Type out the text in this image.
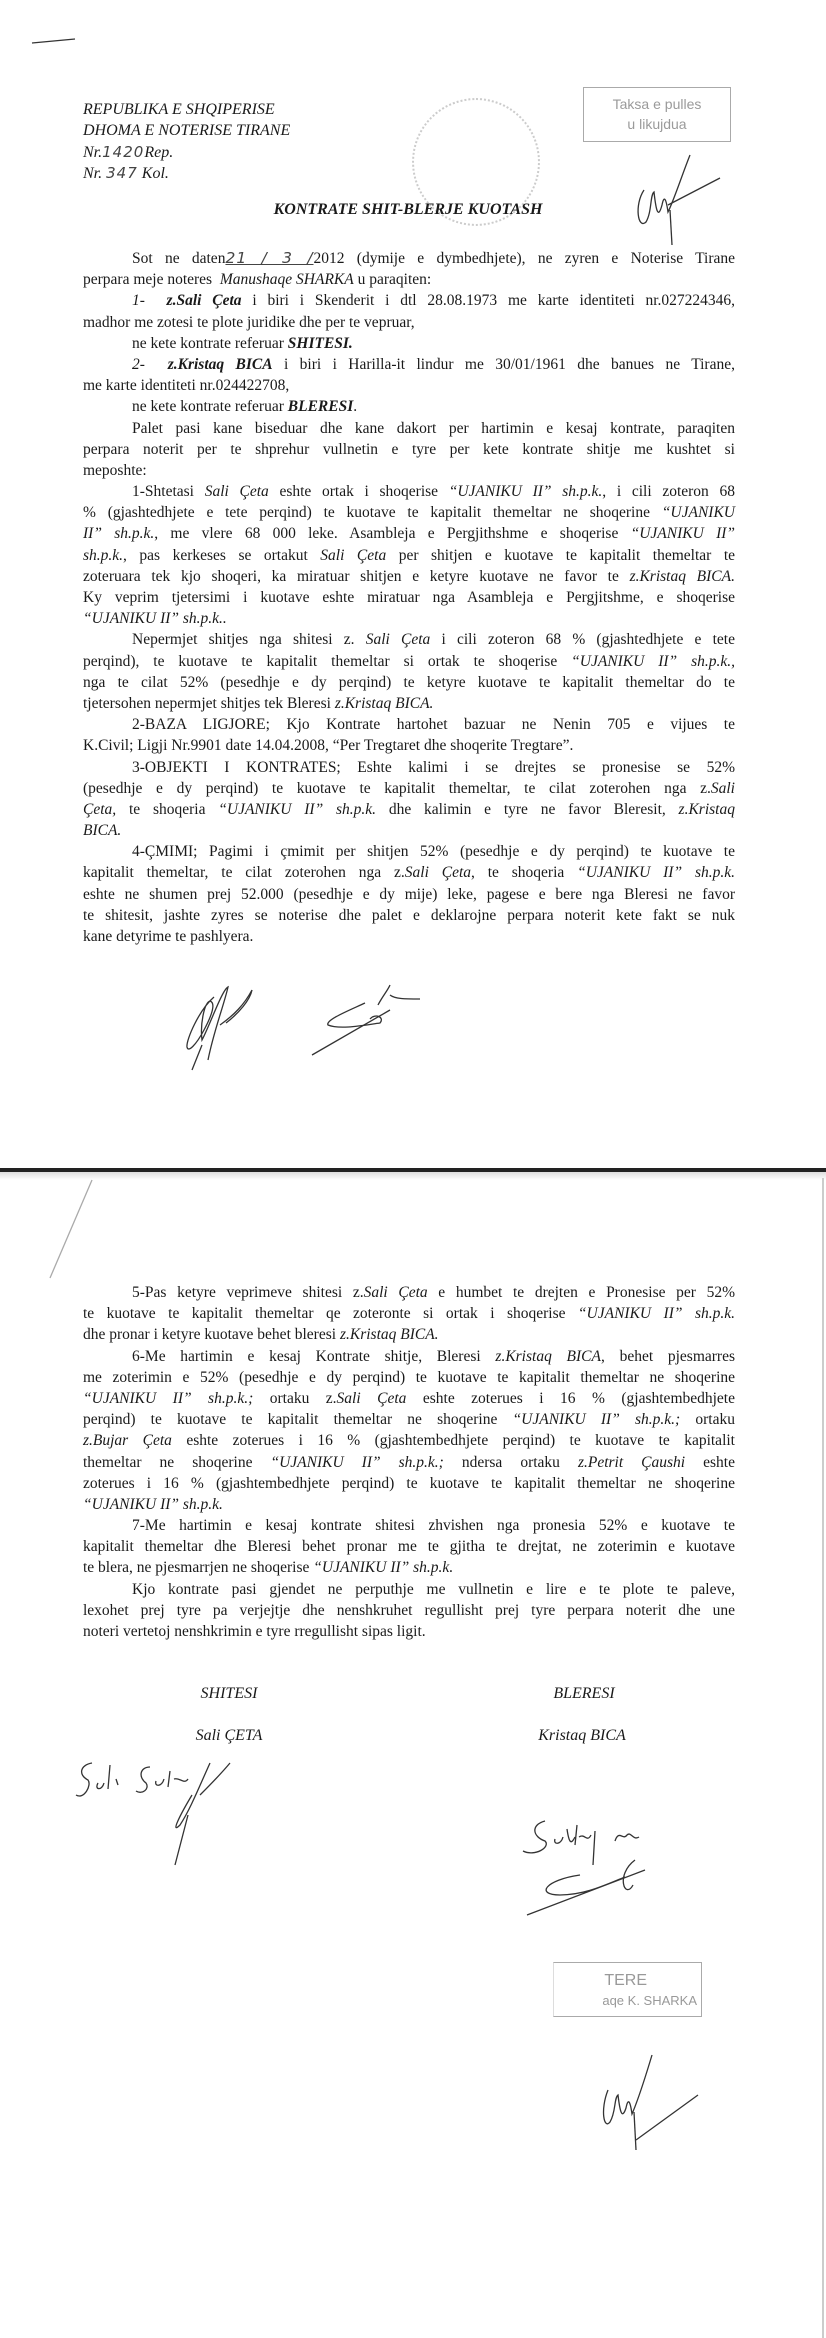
REPUBLIKA E SHQIPERISE
DHOMA E NOTERISE TIRANE
Nr.1420Rep.
Nr. 347 Kol.
Taksa e pulles
u likujdua
KONTRATE SHIT-BLERJE KUOTASH
Sot ne daten21 / 3 /2012 (dymije e dymbedhjete), ne zyren e Noterise Tirane
perpara meje noteres  Manushaqe SHARKA u paraqiten:
1-  z.Sali Çeta i biri i Skenderit i dtl 28.08.1973 me karte identiteti nr.027224346,
madhor me zotesi te plote juridike dhe per te vepruar,
ne kete kontrate referuar SHITESI.
2-  z.Kristaq BICA i biri i Harilla-it lindur me 30/01/1961 dhe banues ne Tirane,
me karte identiteti nr.024422708,
ne kete kontrate referuar BLERESI.
Palet pasi kane biseduar dhe kane dakort per hartimin e kesaj kontrate, paraqiten
perpara noterit per te shprehur vullnetin e tyre per kete kontrate shitje me kushtet si
meposhte:
1-Shtetasi Sali Çeta eshte ortak i shoqerise “UJANIKU II” sh.p.k., i cili zoteron 68
% (gjashtedhjete e tete perqind) te kuotave te kapitalit themeltar ne shoqerine “UJANIKU
II” sh.p.k., me vlere 68 000 leke. Asambleja e Pergjithshme e shoqerise “UJANIKU II”
sh.p.k., pas kerkeses se ortakut Sali Çeta per shitjen e kuotave te kapitalit themeltar te
zoteruara tek kjo shoqeri, ka miratuar shitjen e ketyre kuotave ne favor te z.Kristaq BICA.
Ky veprim tjetersimi i kuotave eshte miratuar nga Asambleja e Pergjitshme, e shoqerise
“UJANIKU II” sh.p.k..
Nepermjet shitjes nga shitesi z. Sali Çeta i cili zoteron 68 % (gjashtedhjete e tete
perqind), te kuotave te kapitalit themeltar si ortak te shoqerise “UJANIKU II” sh.p.k.,
nga te cilat 52% (pesedhje e dy perqind) te ketyre kuotave te kapitalit themeltar do te
tjetersohen nepermjet shitjes tek Bleresi z.Kristaq BICA.
2-BAZA LIGJORE; Kjo Kontrate hartohet bazuar ne Nenin 705 e vijues te
K.Civil; Ligji Nr.9901 date 14.04.2008, “Per Tregtaret dhe shoqerite Tregtare”.
3-OBJEKTI I KONTRATES; Eshte kalimi i se drejtes se pronesise se 52%
(pesedhje e dy perqind) te kuotave te kapitalit themeltar, te cilat zoterohen nga z.Sali
Çeta, te shoqeria “UJANIKU II” sh.p.k. dhe kalimin e tyre ne favor Bleresit, z.Kristaq
BICA.
4-ÇMIMI; Pagimi i çmimit per shitjen 52% (pesedhje e dy perqind) te kuotave te
kapitalit themeltar, te cilat zoterohen nga z.Sali Çeta, te shoqeria “UJANIKU II” sh.p.k.
eshte ne shumen prej 52.000 (pesedhje e dy mije) leke, pagese e bere nga Bleresi ne favor
te shitesit, jashte zyres se noterise dhe palet e deklarojne perpara noterit kete fakt se nuk
kane detyrime te pashlyera.
5-Pas ketyre veprimeve shitesi z.Sali Çeta e humbet te drejten e Pronesise per 52%
te kuotave te kapitalit themeltar qe zoteronte si ortak i shoqerise “UJANIKU II” sh.p.k.
dhe pronar i ketyre kuotave behet bleresi z.Kristaq BICA.
6-Me hartimin e kesaj Kontrate shitje, Bleresi z.Kristaq BICA, behet pjesmarres
me zoterimin e 52% (pesedhje e dy perqind) te kuotave te kapitalit themeltar ne shoqerine
“UJANIKU II” sh.p.k.; ortaku z.Sali Çeta eshte zoterues i 16 % (gjashtembedhjete
perqind) te kuotave te kapitalit themeltar ne shoqerine “UJANIKU II” sh.p.k.; ortaku
z.Bujar Çeta eshte zoterues i 16 % (gjashtembedhjete perqind) te kuotave te kapitalit
themeltar ne shoqerine “UJANIKU II” sh.p.k.; ndersa ortaku z.Petrit Çaushi eshte
zoterues i 16 % (gjashtembedhjete perqind) te kuotave te kapitalit themeltar ne shoqerine
“UJANIKU II” sh.p.k.
7-Me hartimin e kesaj kontrate shitesi zhvishen nga pronesia 52% e kuotave te
kapitalit themeltar dhe Bleresi behet pronar me te gjitha te drejtat, ne zoterimin e kuotave
te blera, ne pjesmarrjen ne shoqerise “UJANIKU II” sh.p.k.
Kjo kontrate pasi gjendet ne perputhje me vullnetin e lire e te plote te paleve,
lexohet prej tyre pa verjejtje dhe nenshkruhet regullisht prej tyre perpara noterit dhe une
noteri vertetoj nenshkrimin e tyre rregullisht sipas ligit.
SHITESI
Sali ÇETA
BLERESI
Kristaq BICA
TERE
aqe K. SHARKA
